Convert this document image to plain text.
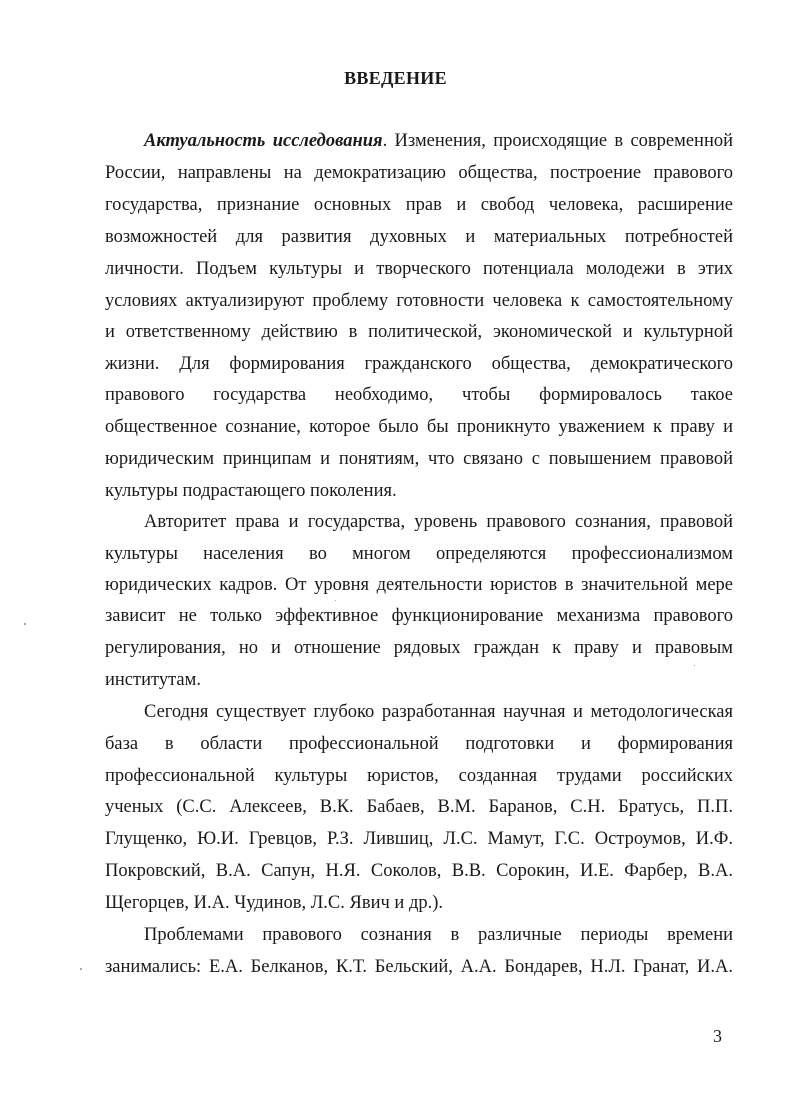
ВВЕДЕНИЕ
Актуальность исследования. Изменения, происходящие в современной
России, направлены на демократизацию общества, построение правового
государства, признание основных прав и свобод человека, расширение
возможностей для развития духовных и материальных потребностей
личности. Подъем культуры и творческого потенциала молодежи в этих
условиях актуализируют проблему готовности человека к самостоятельному
и ответственному действию в политической, экономической и культурной
жизни. Для формирования гражданского общества, демократического
правового государства необходимо, чтобы формировалось такое
общественное сознание, которое было бы проникнуто уважением к праву и
юридическим принципам и понятиям, что связано с повышением правовой
культуры подрастающего поколения.
Авторитет права и государства, уровень правового сознания, правовой
культуры населения во многом определяются профессионализмом
юридических кадров. От уровня деятельности юристов в значительной мере
зависит не только эффективное функционирование механизма правового
регулирования, но и отношение рядовых граждан к праву и правовым
институтам.
Сегодня существует глубоко разработанная научная и методологическая
база в области профессиональной подготовки и формирования
профессиональной культуры юристов, созданная трудами российских
ученых (С.С. Алексеев, В.К. Бабаев, В.М. Баранов, С.Н. Братусь, П.П.
Глущенко, Ю.И. Гревцов, Р.З. Лившиц, Л.С. Мамут, Г.С. Остроумов, И.Ф.
Покровский, В.А. Сапун, Н.Я. Соколов, В.В. Сорокин, И.Е. Фарбер, В.А.
Щегорцев, И.А. Чудинов, Л.С. Явич и др.).
Проблемами правового сознания в различные периоды времени
занимались: Е.А. Белканов, К.Т. Бельский, А.А. Бондарев, Н.Л. Гранат, И.А.
3
